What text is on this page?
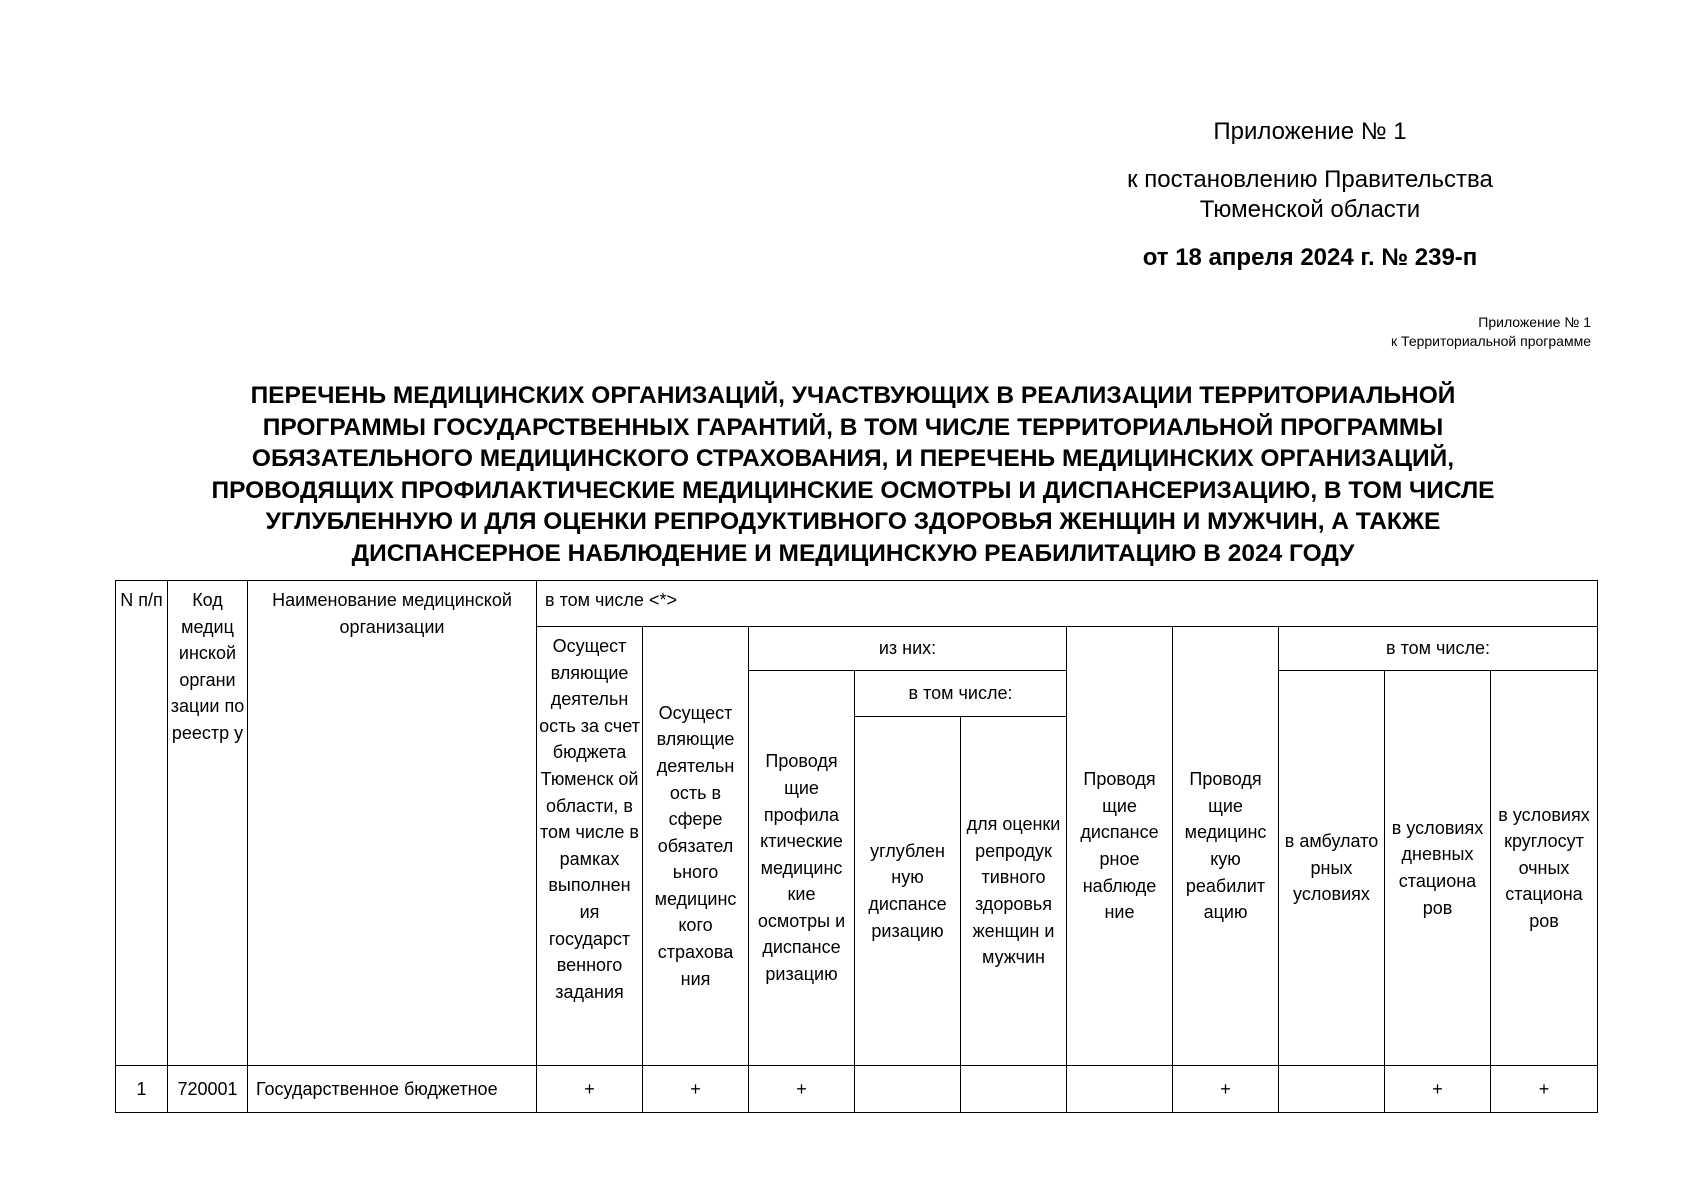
Приложение № 1
к постановлению Правительства
Тюменской области
от 18 апреля 2024 г. № 239-п
Приложение № 1
к Территориальной программе
ПЕРЕЧЕНЬ МЕДИЦИНСКИХ ОРГАНИЗАЦИЙ, УЧАСТВУЮЩИХ В РЕАЛИЗАЦИИ ТЕРРИТОРИАЛЬНОЙ
ПРОГРАММЫ ГОСУДАРСТВЕННЫХ ГАРАНТИЙ, В ТОМ ЧИСЛЕ ТЕРРИТОРИАЛЬНОЙ ПРОГРАММЫ
ОБЯЗАТЕЛЬНОГО МЕДИЦИНСКОГО СТРАХОВАНИЯ, И ПЕРЕЧЕНЬ МЕДИЦИНСКИХ ОРГАНИЗАЦИЙ,
ПРОВОДЯЩИХ ПРОФИЛАКТИЧЕСКИЕ МЕДИЦИНСКИЕ ОСМОТРЫ И ДИСПАНСЕРИЗАЦИЮ, В ТОМ ЧИСЛЕ
УГЛУБЛЕННУЮ И ДЛЯ ОЦЕНКИ РЕПРОДУКТИВНОГО ЗДОРОВЬЯ ЖЕНЩИН И МУЖЧИН, А ТАКЖЕ
ДИСПАНСЕРНОЕ НАБЛЮДЕНИЕ И МЕДИЦИНСКУЮ РЕАБИЛИТАЦИЮ В 2024 ГОДУ
N п/п	Код медиц инской органи зации по реестр у	Наименование медицинской организации	в том числе <*>									
			Осущест вляющие деятельн ость за счет бюджета Тюменск ой области, в том числе в рамках выполнен ия государст венного задания	Осущест вляющие деятельн ость в сфере обязател ьного медицинс кого страхова ния	из них:			Проводя щие диспансе рное наблюде ние	Проводя щие медицинс кую реабилит ацию	в том числе:		
					Проводя щие профила ктические медицинс кие осмотры и диспансе ризацию	в том числе:				в амбулато рных условиях	в условиях дневных стациона ров	в условиях круглосут очных стациона ров
						углублен ную диспансе ризацию	для оценки репродук тивного здоровья женщин и мужчин					

1	720001	Государственное бюджетное	+	+	+				+		+	+
